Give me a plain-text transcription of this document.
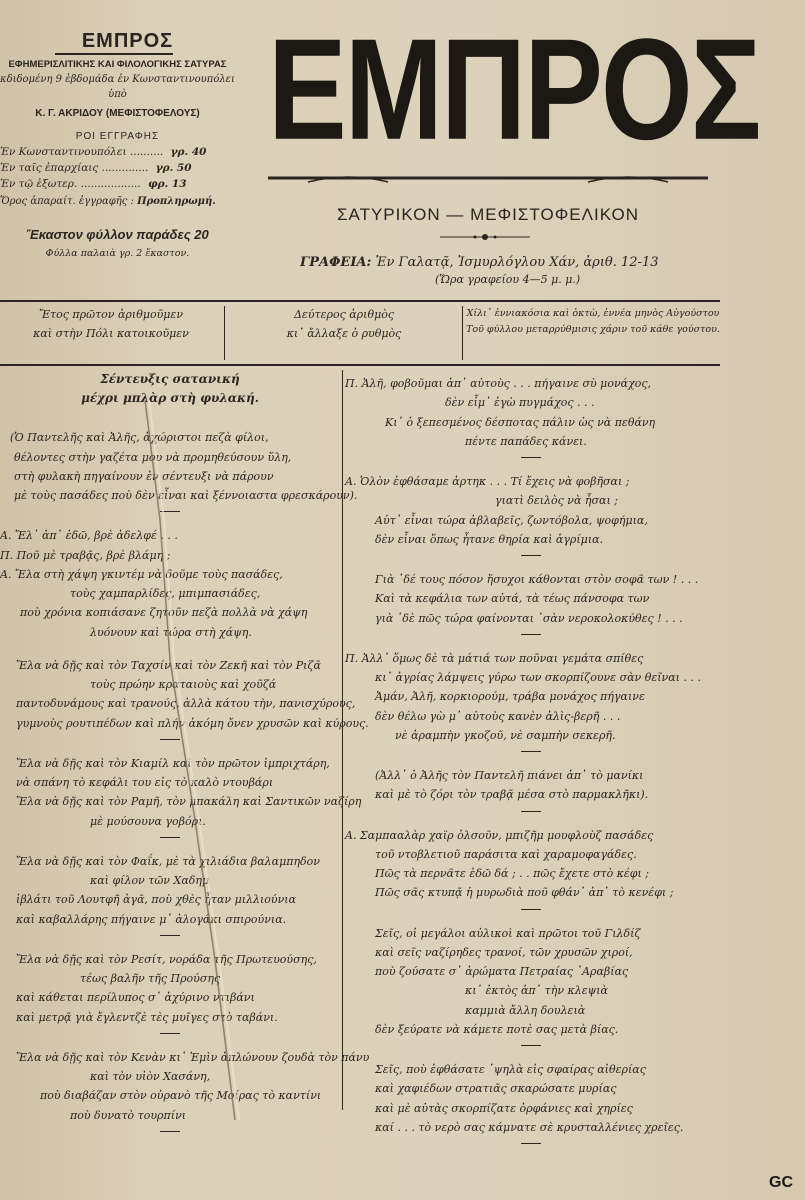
ΕΜΠΡΟΣ
ΕΦΗΜΕΡΙΣΛΙΤΙΚΗΣ ΚΑΙ ΦΙΛΟΛΟΓΙΚΗΣ ΣΑΤΥΡΑΣ
κδιδομένη 9 ἑβδομάδα ἐν Κωνσταντινουπόλει
ὑπὸ
Κ. Γ. ΑΚΡΙΔΟΥ (ΜΕΦΙΣΤΟΦΕΛΟΥΣ)
ΡΟΙ ΕΓΓΡΑΦΗΣ
Ἐν Κωνσταντινουπόλει .......... γρ. 40
Ἐν ταῖς ἐπαρχίαις .............. γρ. 50
Ἐν τῷ ἐξωτερ. .................. φρ. 13
Ὅρος ἀπαραίτ. ἐγγραφῆς : Προπληρωμή.
Ἕκαστον φύλλον παράδες 20
Φύλλα παλαιὰ γρ. 2 ἕκαστον.
ΕΜΠΡΟΣ
ΣΑΤΥΡΙΚΟΝ — ΜΕΦΙΣΤΟΦΕΛΙΚΟΝ
ΓΡΑΦΕΙΑ: Ἐν Γαλατᾷ, Ἰσμυρλόγλου Χάν, ἀριθ. 12-13
(Ὥρα γραφείου 4—5 μ. μ.)
Ἔτος πρῶτον ἀριθμοῦμεν
καὶ στὴν Πόλι κατοικοῦμεν
Δεύτερος ἀριθμὸς
κι᾽ ἄλλαξε ὁ ρυθμὸς
Χίλι᾽ ἐννιακόσια καὶ ὀκτὼ, ἐννέα μηνὸς Αὐγούστου
Τοῦ φύλλου μεταρρύθμισις χάριν τοῦ κάθε γούστου.
Σέντευξις σατανική
μέχρι μπλὰρ στὴ φυλακή.
(Ὁ Παντελῆς καὶ Ἀλῆς, ἀχώριστοι πεζὰ φίλοι,
θέλοντες στὴν γαζέτα μου νὰ προμηθεύσουν ὕλη,
στὴ φυλακὴ πηγαίνουν ἐν σέντευξι νὰ πάρουν
μὲ τοὺς πασάδες ποὺ δὲν εἶναι καὶ ξέννοιαστα φρεσκάρουν).
Α. Ἔλ᾽ ἀπ᾽ ἐδῶ, βρὲ ἀδελφέ . . .
Π. Ποῦ μὲ τραβᾷς, βρὲ βλάμη ;
Α. Ἔλα στὴ χάψη γκιντέμ νὰ δοῦμε τοὺς πασάδες,
τοὺς χαμπαρλίδες, μπιμπασιάδες,
ποὺ χρόνια κοπιάσανε ζητοῦν πεζὰ πολλὰ νὰ χάψη
λυόνουν καὶ τώρα στὴ χάψη.
Ἔλα νὰ δῇς καὶ τὸν Ταχσίν καὶ τὸν Ζεκῆ καὶ τὸν Ριζᾶ
τοὺς πρώην κραταιοὺς καὶ χοῦζά
παντοδυνάμους καὶ τρανούς, ἀλλὰ κάτου τὴν, πανισχύρους,
γυμνοὺς ρουτιπέδων καὶ πλήν ἀκόμη ὄνεν χρυσῶν καὶ κύρους.
Ἔλα νὰ δῇς καὶ τὸν Κιαμίλ καὶ τὸν πρῶτον ἰμπριχτάρη,
νὰ σπάνη τὸ κεφάλι του εἰς τὸ καλὸ ντουβάρι
Ἔλα νὰ δῇς καὶ τὸν Ραμῆ, τὸν μπακάλη καὶ Σαντικῶν ναζίρη
μὲ μούσουνα γοβόρι.
Ἔλα νὰ δῇς καὶ τὸν Φαΐκ, μὲ τὰ χιλιάδια βαλαμπηδον
καὶ φίλον τῶν Χαδημ
ἰβλάτι τοῦ Λουτφῆ ἀγᾶ, ποὺ χθὲς ἦταν μιλλιούνια
καὶ καβαλλάρης πήγαινε μ᾽ ἀλογάκι σπιρούνια.
Ἔλα νὰ δῇς καὶ τὸν Ρεσίτ, νοράδα τῆς Πρωτευούσης,
τέως βαλῆν τῆς Προύσης
καὶ κάθεται περίλυπος σ᾽ ἀχύρινο ντιβάνι
καὶ μετρᾷ γιὰ ἔγλεντζὲ τὲς μυῖγες στὸ ταβάνι.
Ἔλα νὰ δῇς καὶ τὸν Κενὰν κι᾽ Ἐμὶν ἀπλώνουν ζουδὰ τὸν πάνυ
καὶ τὸν υἱὸν Χασάνη,
ποὺ διαβάζαν στὸν οὐρανὸ τῆς Μοίρας τὸ καντίνι
ποὺ δυνατὸ τουρπίνι
Π. Ἀλῆ, φοβοῦμαι ἀπ᾽ αὐτοὺς . . . πήγαινε σὺ μονάχος,
δὲν εἶμ᾽ ἐγὼ πυγμάχος . . .
Κι᾽ ὁ ξεπεσμένος δέσποτας πάλιν ὡς νὰ πεθάνη
πέντε παπάδες κάνει.
Α. Ὁλὸν ἐφθάσαμε ἀρτηκ . . . Τί ἔχεις νὰ φοβῆσαι ;
γιατὶ δειλὸς νὰ ἦσαι ;
Αὐτ᾽ εἶναι τώρα ἀβλαβεῖς, ζωντόβολα, ψοφήμια,
δὲν εἶναι ὅπως ἦτανε θηρία καὶ ἀγρίμια.
Γιὰ ᾽δέ τους πόσον ἥσυχοι κάθονται στὸν σοφᾶ των ! . . .
Καὶ τὰ κεφάλια των αὐτά, τὰ τέως πάνσοφα των
γιὰ ᾽δὲ πῶς τώρα φαίνονται ᾽σὰν νεροκολοκύθες ! . . .
Π. Ἀλλ᾽ ὅμως δὲ τὰ μάτιά των ποῦναι γεμάτα σπίθες
κι᾽ ἀγρίας λάμψεις γύρω των σκορπίζουνε σὰν θεῖναι . . .
Ἀμάν, Ἀλῆ, κορκιορούμ, τράβα μονάχος πήγαινε
δὲν θέλω γὼ μ᾽ αὐτοὺς κανὲν ἀλὶς-βερῆ . . .
νὲ ἀραμπὴν γκοζοῦ, νὲ σαμπὴν σεκερῆ.
(Ἀλλ᾽ ὁ Ἀλῆς τὸν Παντελῆ πιάνει ἀπ᾽ τὸ μανίκι
καὶ μὲ τὸ ζόρι τὸν τραβᾷ μέσα στὸ παρμακλῆκι).
Α. Σαμπααλὰρ χαϊρ ὁλσοῦν, μπιζῆμ μουφλοὺζ πασάδες
τοῦ ντοβλετιοῦ παράσιτα καὶ χαραμοφαγάδες.
Πῶς τὰ περνᾶτε ἐδῶ δά ; . . πῶς ἔχετε στὸ κέφι ;
Πῶς σᾶς κτυπᾷ ἡ μυρωδιὰ ποῦ φθάν᾽ ἀπ᾽ τὸ κενέφι ;
Σεῖς, οἱ μεγάλοι αὐλικοὶ καὶ πρῶτοι τοῦ Γιλδίζ
καὶ σεῖς ναζίρηδες τρανοί, τῶν χρυσῶν χιροί,
ποὺ ζούσατε σ᾽ ἀρώματα Πετραίας ᾽Αραβίας
κι᾽ ἐκτὸς ἀπ᾽ τὴν κλεψιὰ
καμμιὰ ἄλλη δουλειὰ
δὲν ξεύρατε νὰ κάμετε ποτὲ σας μετὰ βίας.
Σεῖς, ποὺ ἐφθάσατε ᾽ψηλὰ εἰς σφαίρας αἰθερίας
καὶ χαφιέδων στρατιᾶς σκαρώσατε μυρίας
καὶ μὲ αὐτὰς σκορπίζατε ὀρφάνιες καὶ χηρίες
καί . . . τὸ νερὸ σας κάμνατε σὲ κρυσταλλένιες χρεῖες.
GC
